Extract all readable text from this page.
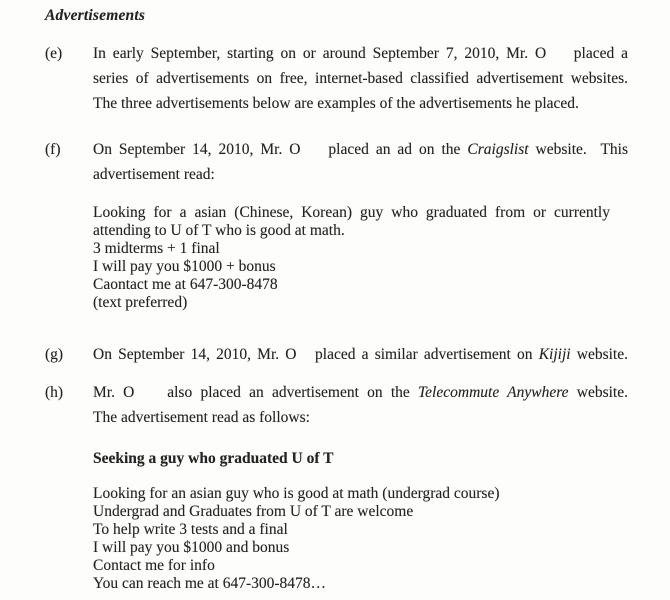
Advertisements
(e)	In early September, starting on or around September 7, 2010, Mr. O    placed a
series of advertisements on free, internet-based classified advertisement websites.
The three advertisements below are examples of the advertisements he placed.
(f)	On September 14, 2010, Mr. O    placed an ad on the Craigslist website.  This
advertisement read:
Looking for a asian (Chinese, Korean) guy who graduated from or currently
attending to U of T who is good at math.
3 midterms + 1 final
I will pay you $1000 + bonus
Caontact me at 647-300-8478
(text preferred)
(g)	On September 14, 2010, Mr. O   placed a similar advertisement on Kijiji website.
(h)	Mr. O    also placed an advertisement on the Telecommute Anywhere website.
The advertisement read as follows:
Seeking a guy who graduated U of T
Looking for an asian guy who is good at math (undergrad course)
Undergrad and Graduates from U of T are welcome
To help write 3 tests and a final
I will pay you $1000 and bonus
Contact me for info
You can reach me at 647-300-8478…
